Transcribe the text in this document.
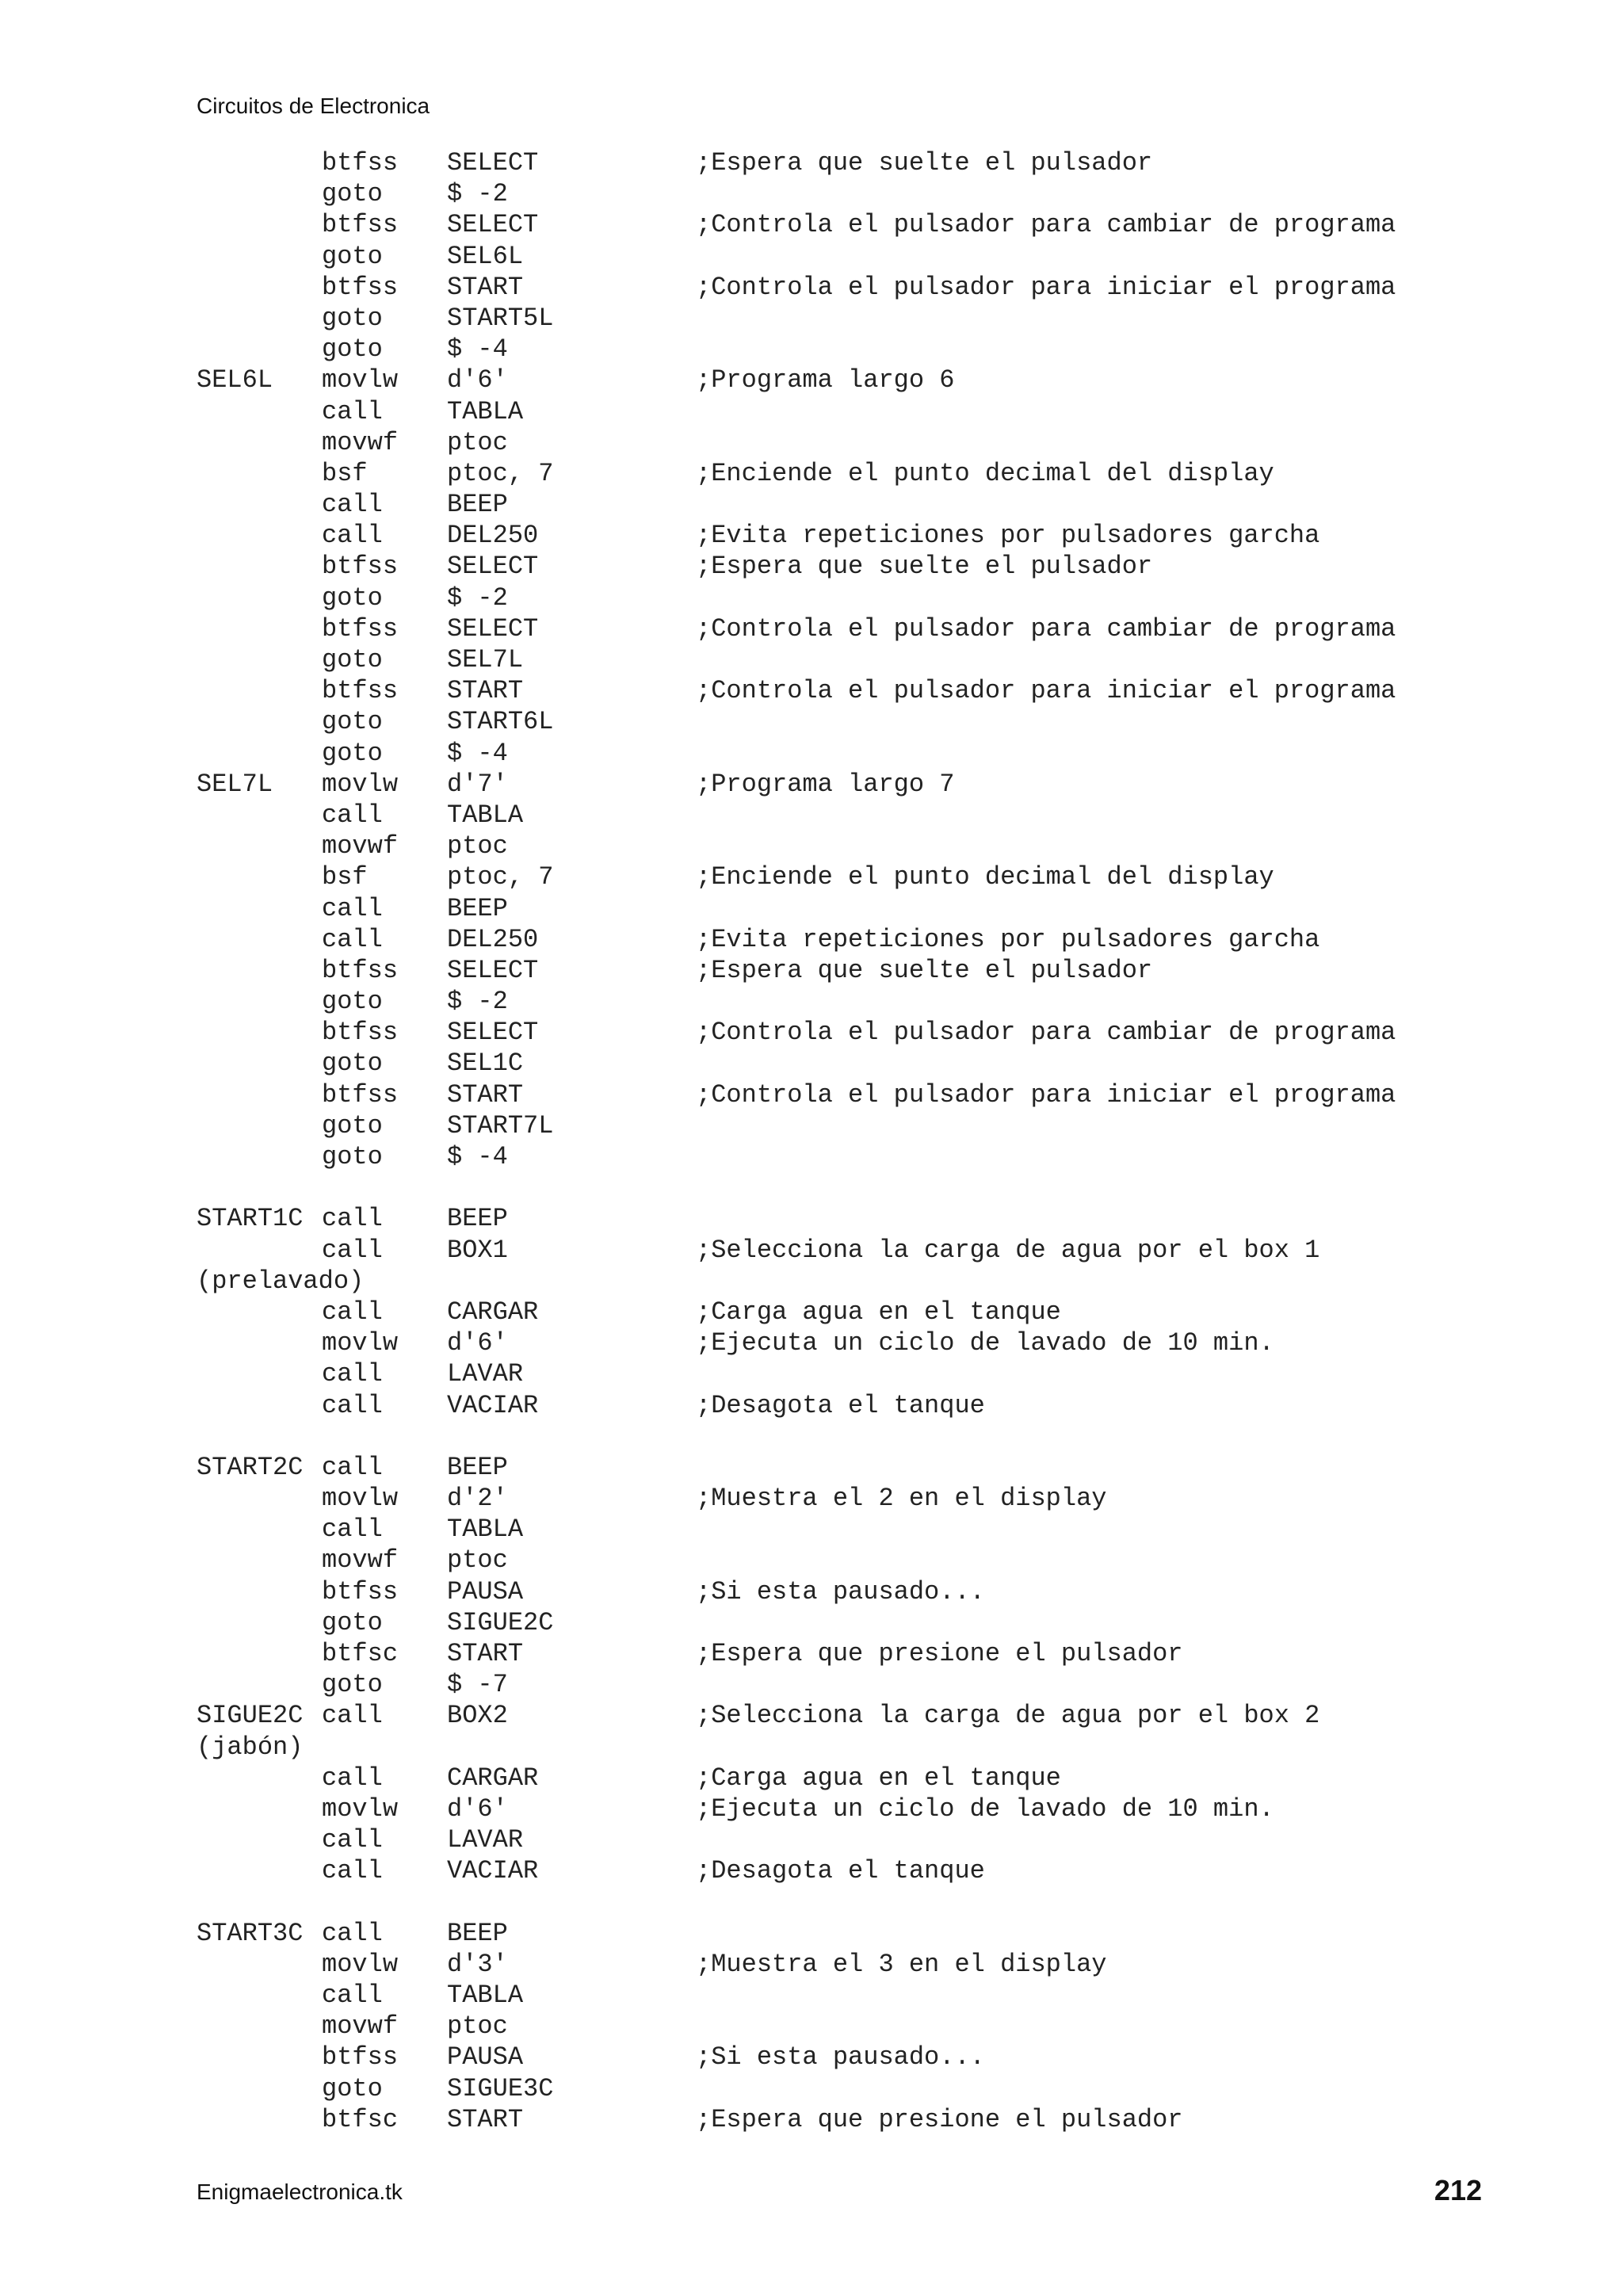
Circuitos de Electronica
btfss	SELECT	;Espera que suelte el pulsador
goto	$ -2
btfss	SELECT	;Controla el pulsador para cambiar de programa
goto	SEL6L
btfss	START	;Controla el pulsador para iniciar el programa
goto	START5L
goto	$ -4
SEL6L	movlw	d'6'	;Programa largo 6
call	TABLA
movwf	ptoc
bsf	ptoc, 7	;Enciende el punto decimal del display
call	BEEP
call	DEL250	;Evita repeticiones por pulsadores garcha
btfss	SELECT	;Espera que suelte el pulsador
goto	$ -2
btfss	SELECT	;Controla el pulsador para cambiar de programa
goto	SEL7L
btfss	START	;Controla el pulsador para iniciar el programa
goto	START6L
goto	$ -4
SEL7L	movlw	d'7'	;Programa largo 7
call	TABLA
movwf	ptoc
bsf	ptoc, 7	;Enciende el punto decimal del display
call	BEEP
call	DEL250	;Evita repeticiones por pulsadores garcha
btfss	SELECT	;Espera que suelte el pulsador
goto	$ -2
btfss	SELECT	;Controla el pulsador para cambiar de programa
goto	SEL1C
btfss	START	;Controla el pulsador para iniciar el programa
goto	START7L
goto	$ -4
START1C call	BEEP
call	BOX1	;Selecciona la carga de agua por el box 1
(prelavado)
call	CARGAR	;Carga agua en el tanque
movlw	d'6'	;Ejecuta un ciclo de lavado de 10 min.
call	LAVAR
call	VACIAR	;Desagota el tanque
START2C call	BEEP
movlw	d'2'	;Muestra el 2 en el display
call	TABLA
movwf	ptoc
btfss	PAUSA	;Si esta pausado...
goto	SIGUE2C
btfsc	START	;Espera que presione el pulsador
goto	$ -7
SIGUE2C call	BOX2	;Selecciona la carga de agua por el box 2
(jabón)
call	CARGAR	;Carga agua en el tanque
movlw	d'6'	;Ejecuta un ciclo de lavado de 10 min.
call	LAVAR
call	VACIAR	;Desagota el tanque
START3C call	BEEP
movlw	d'3'	;Muestra el 3 en el display
call	TABLA
movwf	ptoc
btfss	PAUSA	;Si esta pausado...
goto	SIGUE3C
btfsc	START	;Espera que presione el pulsador
Enigmaelectronica.tk	212
